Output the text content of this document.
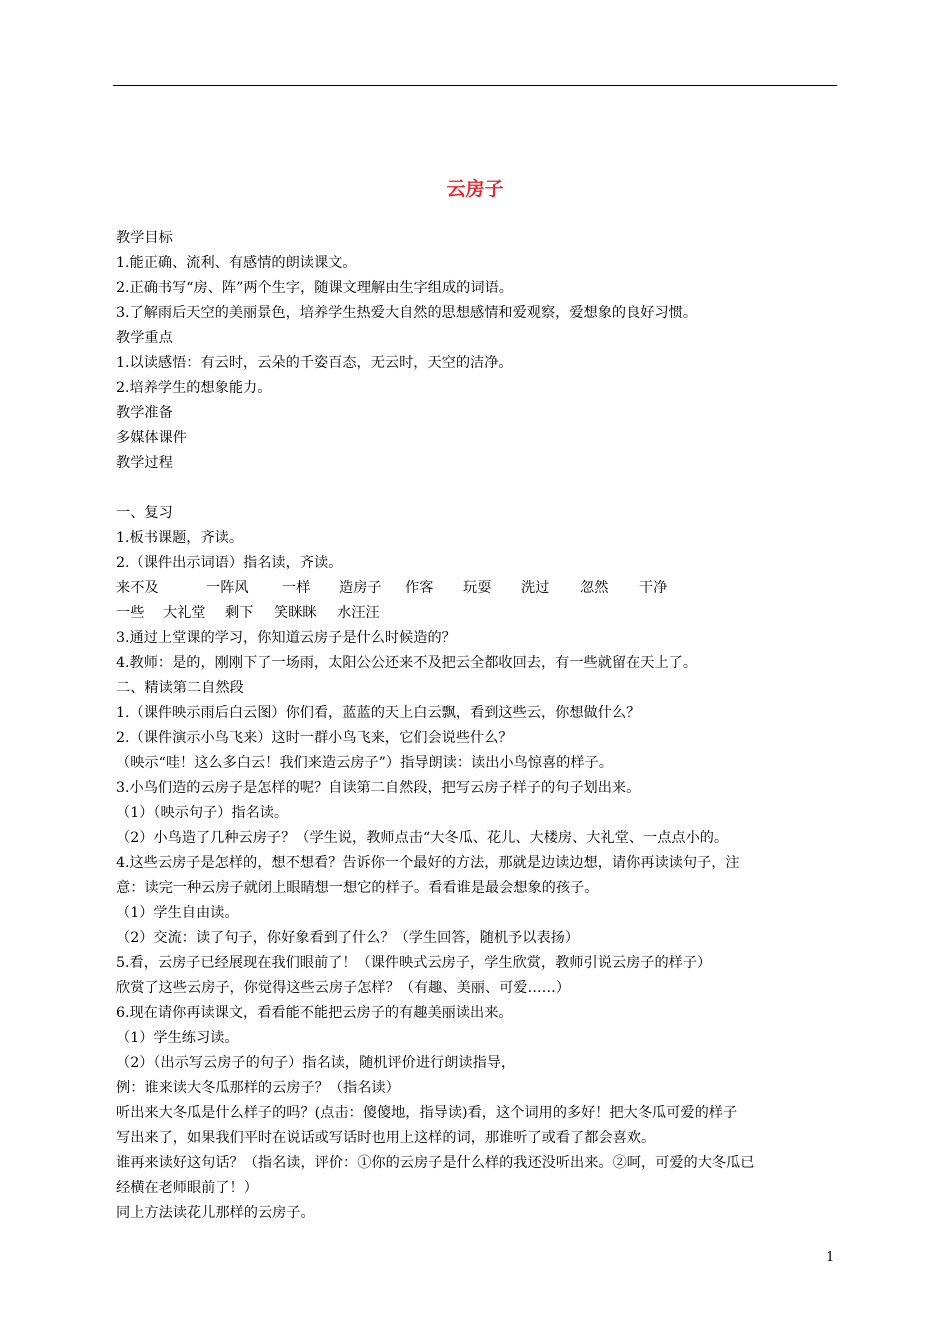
云房子
教学目标
1.能正确、流利、有感情的朗读课文。
2.正确书写“房、阵”两个生字，随课文理解由生字组成的词语。
3.了解雨后天空的美丽景色，培养学生热爱大自然的思想感情和爱观察，爱想象的良好习惯。
教学重点
1.以读感悟：有云时，云朵的千姿百态，无云时，天空的洁净。
2.培养学生的想象能力。
教学准备
多媒体课件
教学过程
一、复习
1.板书课题，齐读。
2.（课件出示词语）指名读，齐读。
来不及	一阵风	一样	造房子	作客	玩耍	洗过	忽然	干净
一些	大礼堂	剩下	笑眯眯	水汪汪
3.通过上堂课的学习，你知道云房子是什么时候造的？
4.教师：是的，刚刚下了一场雨，太阳公公还来不及把云全都收回去，有一些就留在天上了。
二、精读第二自然段
1.（课件映示雨后白云图）你们看，蓝蓝的天上白云飘，看到这些云，你想做什么？
2.（课件演示小鸟飞来）这时一群小鸟飞来，它们会说些什么？
（映示“哇！这么多白云！我们来造云房子”）指导朗读：读出小鸟惊喜的样子。
3.小鸟们造的云房子是怎样的呢？自读第二自然段，把写云房子样子的句子划出来。
（1）（映示句子）指名读。
（2）小鸟造了几种云房子？（学生说，教师点击“大冬瓜、花儿、大楼房、大礼堂、一点点小的。
4.这些云房子是怎样的，想不想看？告诉你一个最好的方法，那就是边读边想，请你再读读句子，注
意：读完一种云房子就闭上眼睛想一想它的样子。看看谁是最会想象的孩子。
（1）学生自由读。
（2）交流：读了句子，你好象看到了什么？（学生回答，随机予以表扬）
5.看，云房子已经展现在我们眼前了！（课件映式云房子，学生欣赏，教师引说云房子的样子）
欣赏了这些云房子，你觉得这些云房子怎样？（有趣、美丽、可爱……）
6.现在请你再读课文，看看能不能把云房子的有趣美丽读出来。
（1）学生练习读。
（2）（出示写云房子的句子）指名读，随机评价进行朗读指导，
例：谁来读大冬瓜那样的云房子？（指名读）
听出来大冬瓜是什么样子的吗？(点击：傻傻地，指导读)看，这个词用的多好！把大冬瓜可爱的样子
写出来了，如果我们平时在说话或写话时也用上这样的词，那谁听了或看了都会喜欢。
谁再来读好这句话？（指名读，评价：①你的云房子是什么样的我还没听出来。②呵，可爱的大冬瓜已
经横在老师眼前了！）
同上方法读花儿那样的云房子。
1
